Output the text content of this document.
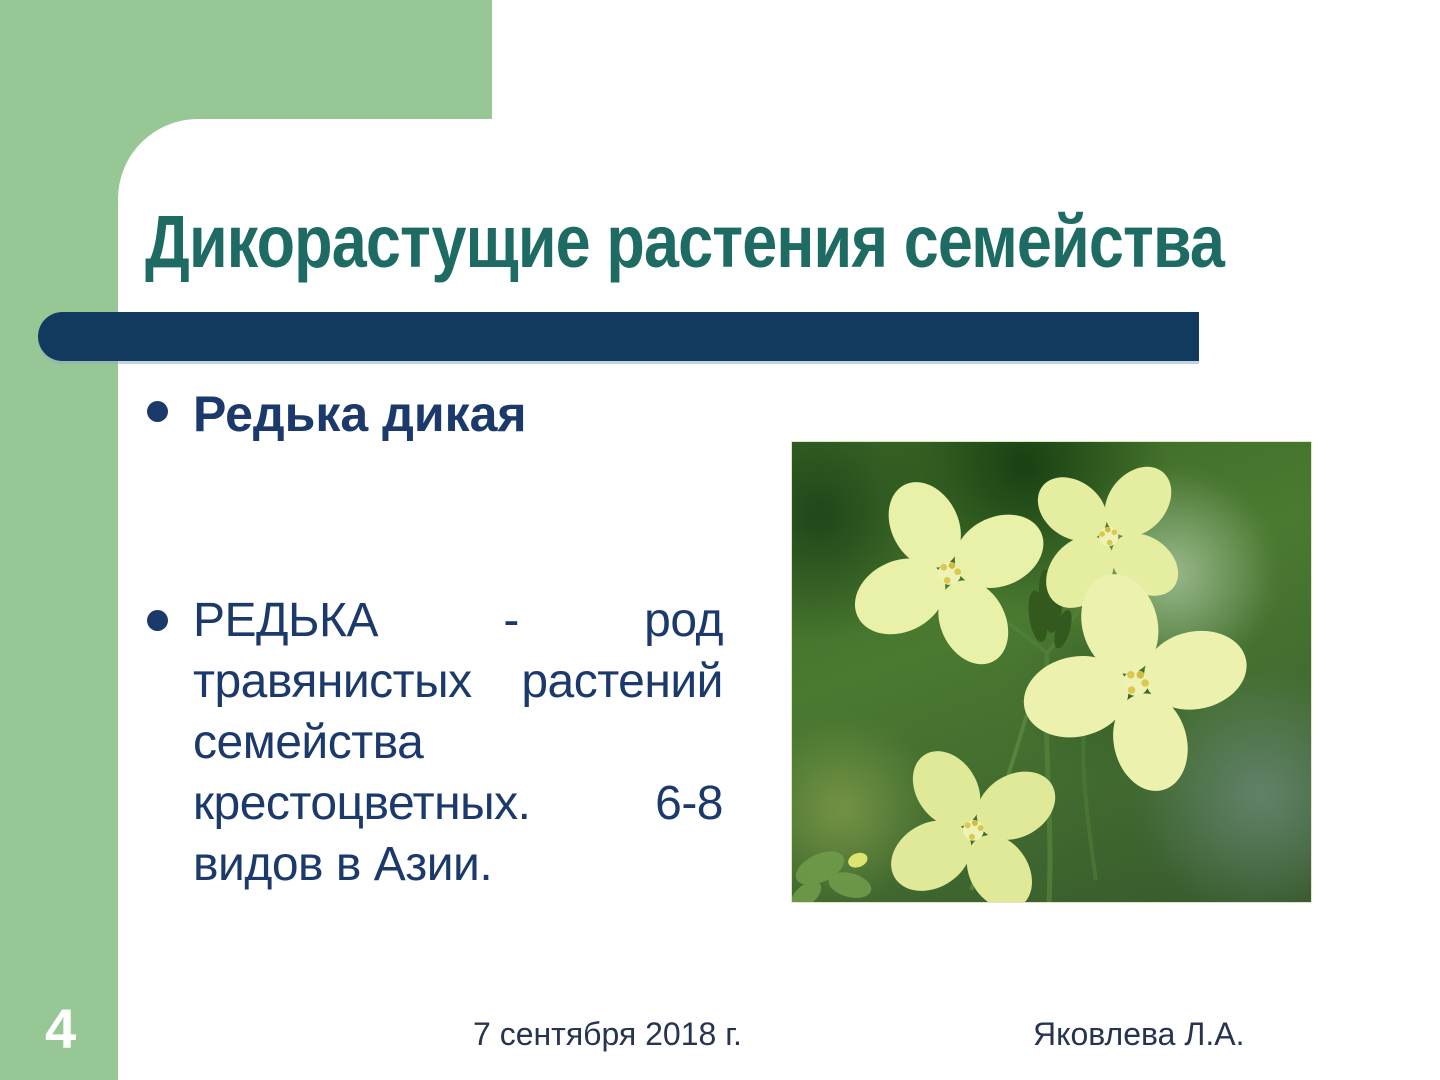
Дикорастущие растения семейства
Редька дикая
РЕДЬКА - род
травянистых растений
семейства
крестоцветных. 6-8
видов в Азии.
7 сентября 2018 г.	Яковлева Л.А.
4
